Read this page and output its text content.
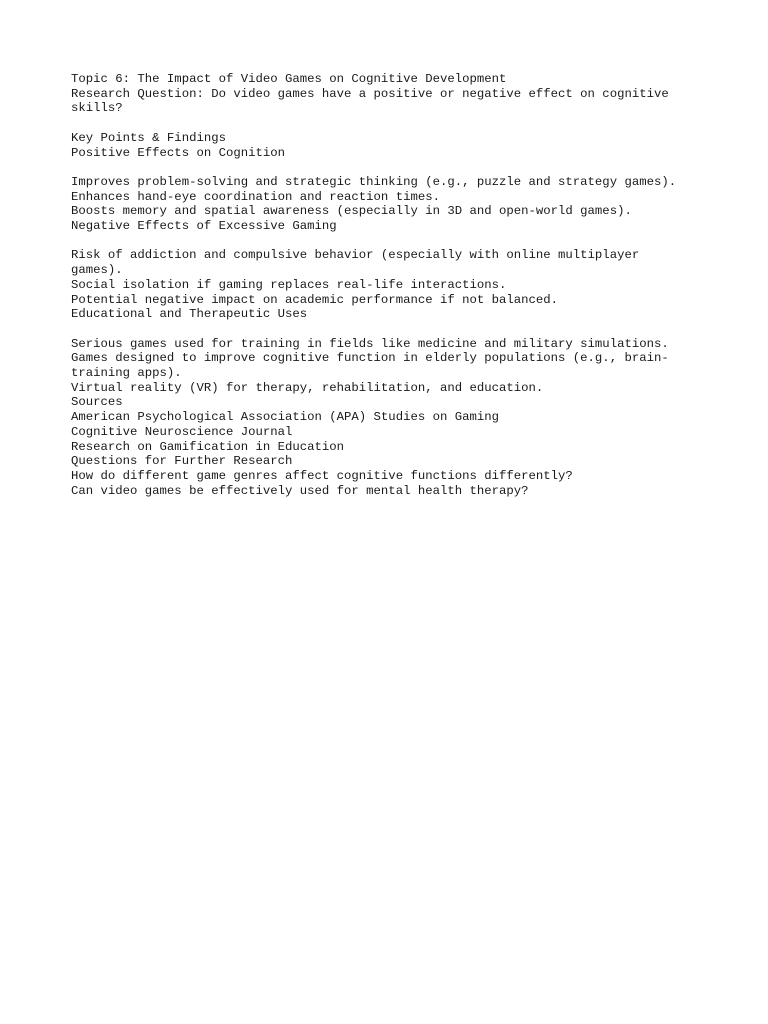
Topic 6: The Impact of Video Games on Cognitive Development
Research Question: Do video games have a positive or negative effect on cognitive
skills?
Key Points & Findings
Positive Effects on Cognition
Improves problem-solving and strategic thinking (e.g., puzzle and strategy games).
Enhances hand-eye coordination and reaction times.
Boosts memory and spatial awareness (especially in 3D and open-world games).
Negative Effects of Excessive Gaming
Risk of addiction and compulsive behavior (especially with online multiplayer
games).
Social isolation if gaming replaces real-life interactions.
Potential negative impact on academic performance if not balanced.
Educational and Therapeutic Uses
Serious games used for training in fields like medicine and military simulations.
Games designed to improve cognitive function in elderly populations (e.g., brain-
training apps).
Virtual reality (VR) for therapy, rehabilitation, and education.
Sources
American Psychological Association (APA) Studies on Gaming
Cognitive Neuroscience Journal
Research on Gamification in Education
Questions for Further Research
How do different game genres affect cognitive functions differently?
Can video games be effectively used for mental health therapy?
